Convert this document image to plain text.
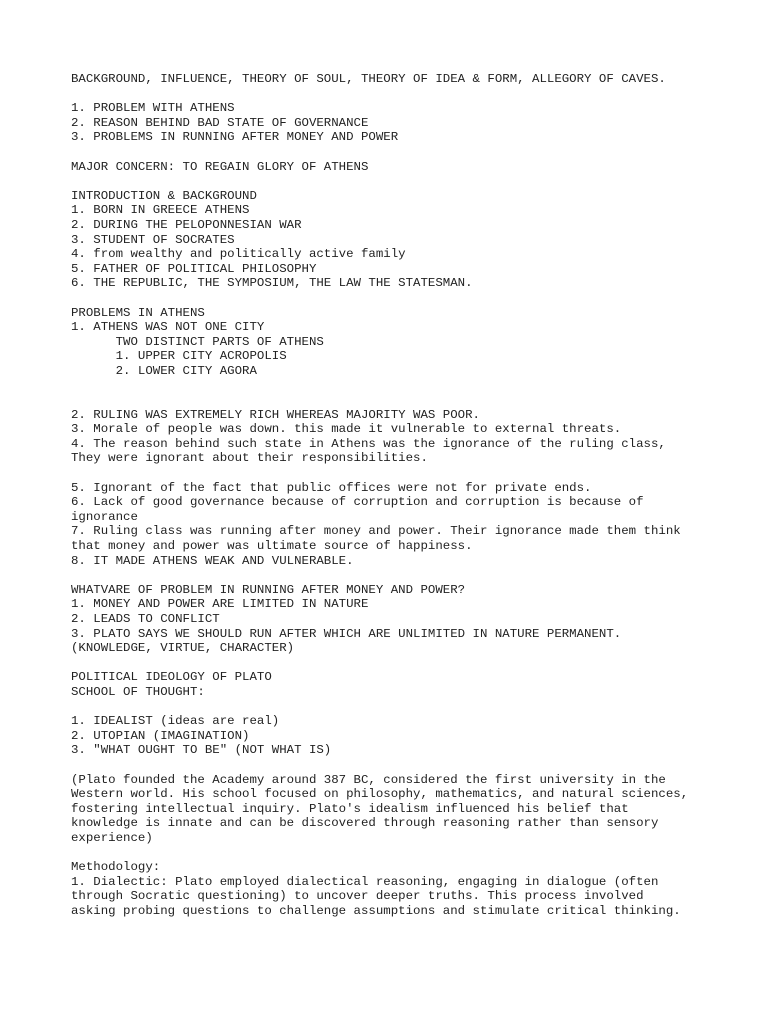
BACKGROUND, INFLUENCE, THEORY OF SOUL, THEORY OF IDEA & FORM, ALLEGORY OF CAVES.
1. PROBLEM WITH ATHENS
2. REASON BEHIND BAD STATE OF GOVERNANCE
3. PROBLEMS IN RUNNING AFTER MONEY AND POWER
MAJOR CONCERN: TO REGAIN GLORY OF ATHENS
INTRODUCTION & BACKGROUND
1. BORN IN GREECE ATHENS
2. DURING THE PELOPONNESIAN WAR
3. STUDENT OF SOCRATES
4. from wealthy and politically active family
5. FATHER OF POLITICAL PHILOSOPHY
6. THE REPUBLIC, THE SYMPOSIUM, THE LAW THE STATESMAN.
PROBLEMS IN ATHENS
1. ATHENS WAS NOT ONE CITY
TWO DISTINCT PARTS OF ATHENS
1. UPPER CITY ACROPOLIS
2. LOWER CITY AGORA
2. RULING WAS EXTREMELY RICH WHEREAS MAJORITY WAS POOR.
3. Morale of people was down. this made it vulnerable to external threats.
4. The reason behind such state in Athens was the ignorance of the ruling class,
They were ignorant about their responsibilities.
5. Ignorant of the fact that public offices were not for private ends.
6. Lack of good governance because of corruption and corruption is because of
ignorance
7. Ruling class was running after money and power. Their ignorance made them think
that money and power was ultimate source of happiness.
8. IT MADE ATHENS WEAK AND VULNERABLE.
WHATVARE OF PROBLEM IN RUNNING AFTER MONEY AND POWER?
1. MONEY AND POWER ARE LIMITED IN NATURE
2. LEADS TO CONFLICT
3. PLATO SAYS WE SHOULD RUN AFTER WHICH ARE UNLIMITED IN NATURE PERMANENT.
(KNOWLEDGE, VIRTUE, CHARACTER)
POLITICAL IDEOLOGY OF PLATO
SCHOOL OF THOUGHT:
1. IDEALIST (ideas are real)
2. UTOPIAN (IMAGINATION)
3. "WHAT OUGHT TO BE" (NOT WHAT IS)
(Plato founded the Academy around 387 BC, considered the first university in the
Western world. His school focused on philosophy, mathematics, and natural sciences,
fostering intellectual inquiry. Plato's idealism influenced his belief that
knowledge is innate and can be discovered through reasoning rather than sensory
experience)
Methodology:
1. Dialectic: Plato employed dialectical reasoning, engaging in dialogue (often
through Socratic questioning) to uncover deeper truths. This process involved
asking probing questions to challenge assumptions and stimulate critical thinking.
